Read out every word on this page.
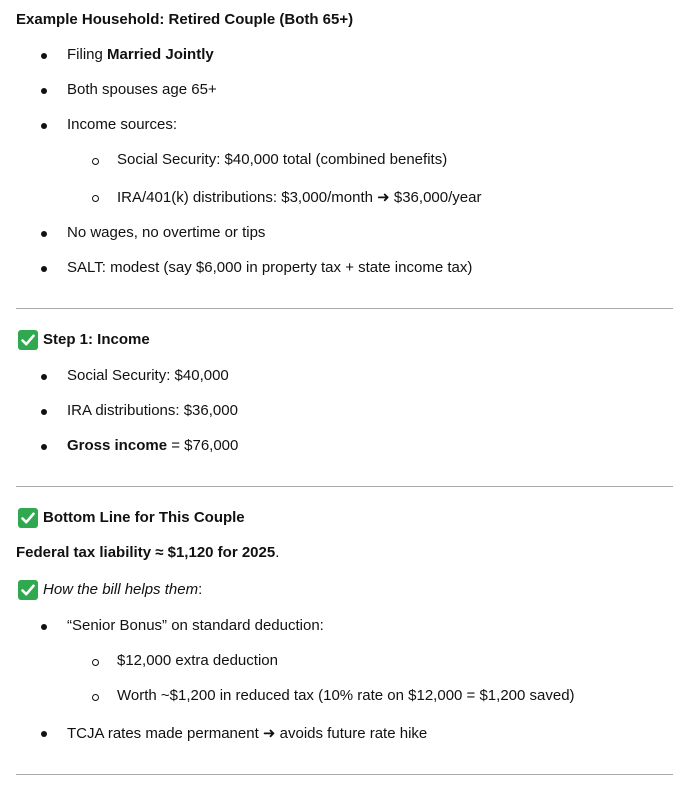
Example Household: Retired Couple (Both 65+)
Filing Married Jointly
Both spouses age 65+
Income sources:
Social Security: $40,000 total (combined benefits)
IRA/401(k) distributions: $3,000/month ➜ $36,000/year
No wages, no overtime or tips
SALT: modest (say $6,000 in property tax + state income tax)
Step 1: Income
Social Security: $40,000
IRA distributions: $36,000
Gross income = $76,000
Bottom Line for This Couple
Federal tax liability ≈ $1,120 for 2025.
How the bill helps them:
“Senior Bonus” on standard deduction:
$12,000 extra deduction
Worth ~$1,200 in reduced tax (10% rate on $12,000 = $1,200 saved)
TCJA rates made permanent ➜ avoids future rate hike
